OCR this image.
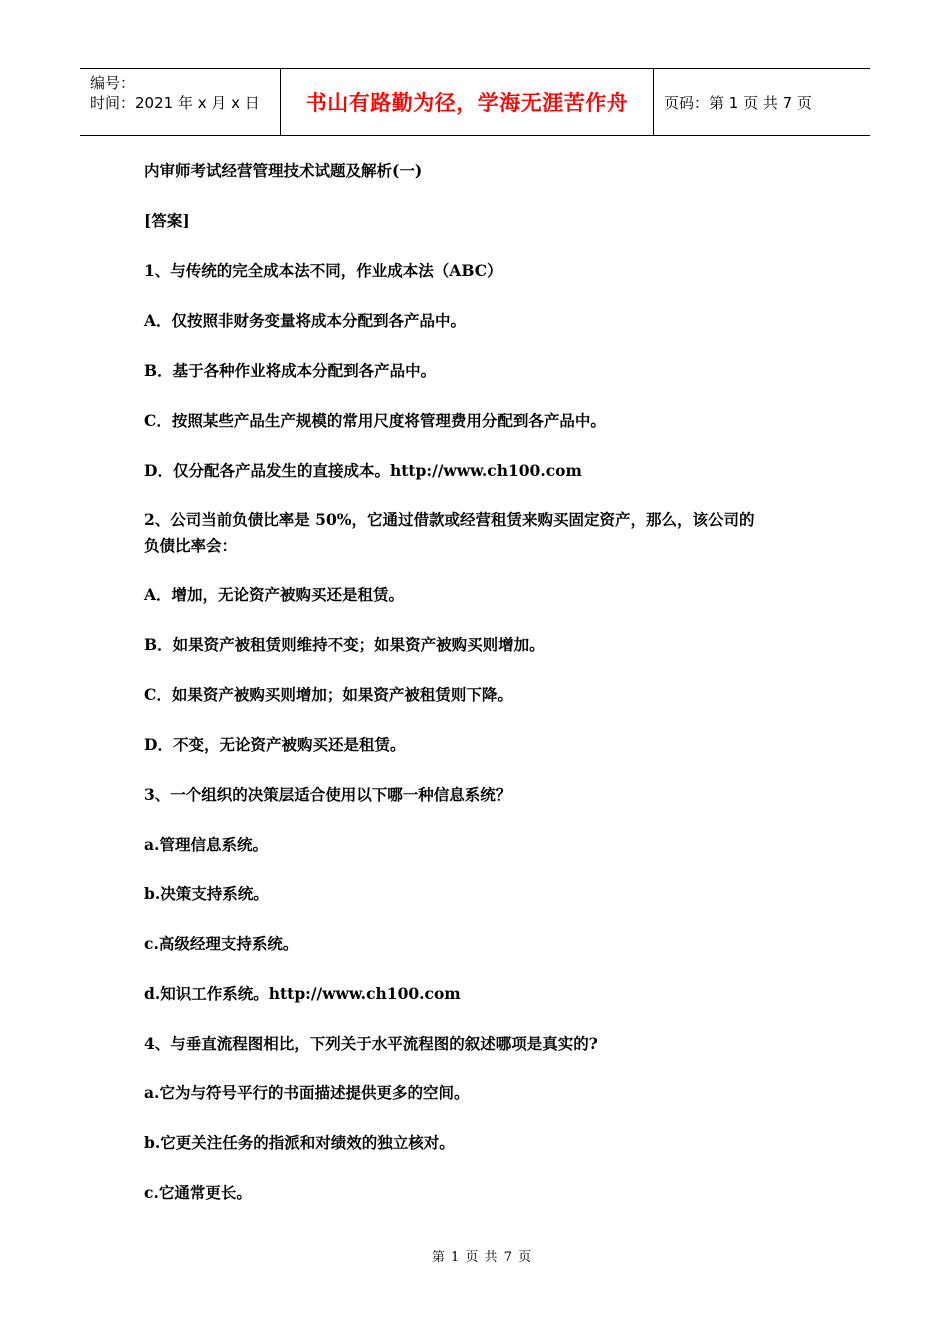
编号：
时间：2021 年 x 月 x 日	书山有路勤为径，学海无涯苦作舟	页码：第 1 页 共 7 页
内审师考试经营管理技术试题及解析(一)
[答案]
1、与传统的完全成本法不同，作业成本法（ABC）
A．仅按照非财务变量将成本分配到各产品中。
B．基于各种作业将成本分配到各产品中。
C．按照某些产品生产规模的常用尺度将管理费用分配到各产品中。
D．仅分配各产品发生的直接成本。http://www.ch100.com
2、公司当前负债比率是 50%，它通过借款或经营租赁来购买固定资产，那么，该公司的
负债比率会：
A．增加，无论资产被购买还是租赁。
B．如果资产被租赁则维持不变；如果资产被购买则增加。
C．如果资产被购买则增加；如果资产被租赁则下降。
D．不变，无论资产被购买还是租赁。
3、一个组织的决策层适合使用以下哪一种信息系统？
a.管理信息系统。
b.决策支持系统。
c.高级经理支持系统。
d.知识工作系统。http://www.ch100.com
4、与垂直流程图相比，下列关于水平流程图的叙述哪项是真实的?
a.它为与符号平行的书面描述提供更多的空间。
b.它更关注任务的指派和对绩效的独立核对。
c.它通常更长。
第 1 页 共 7 页
